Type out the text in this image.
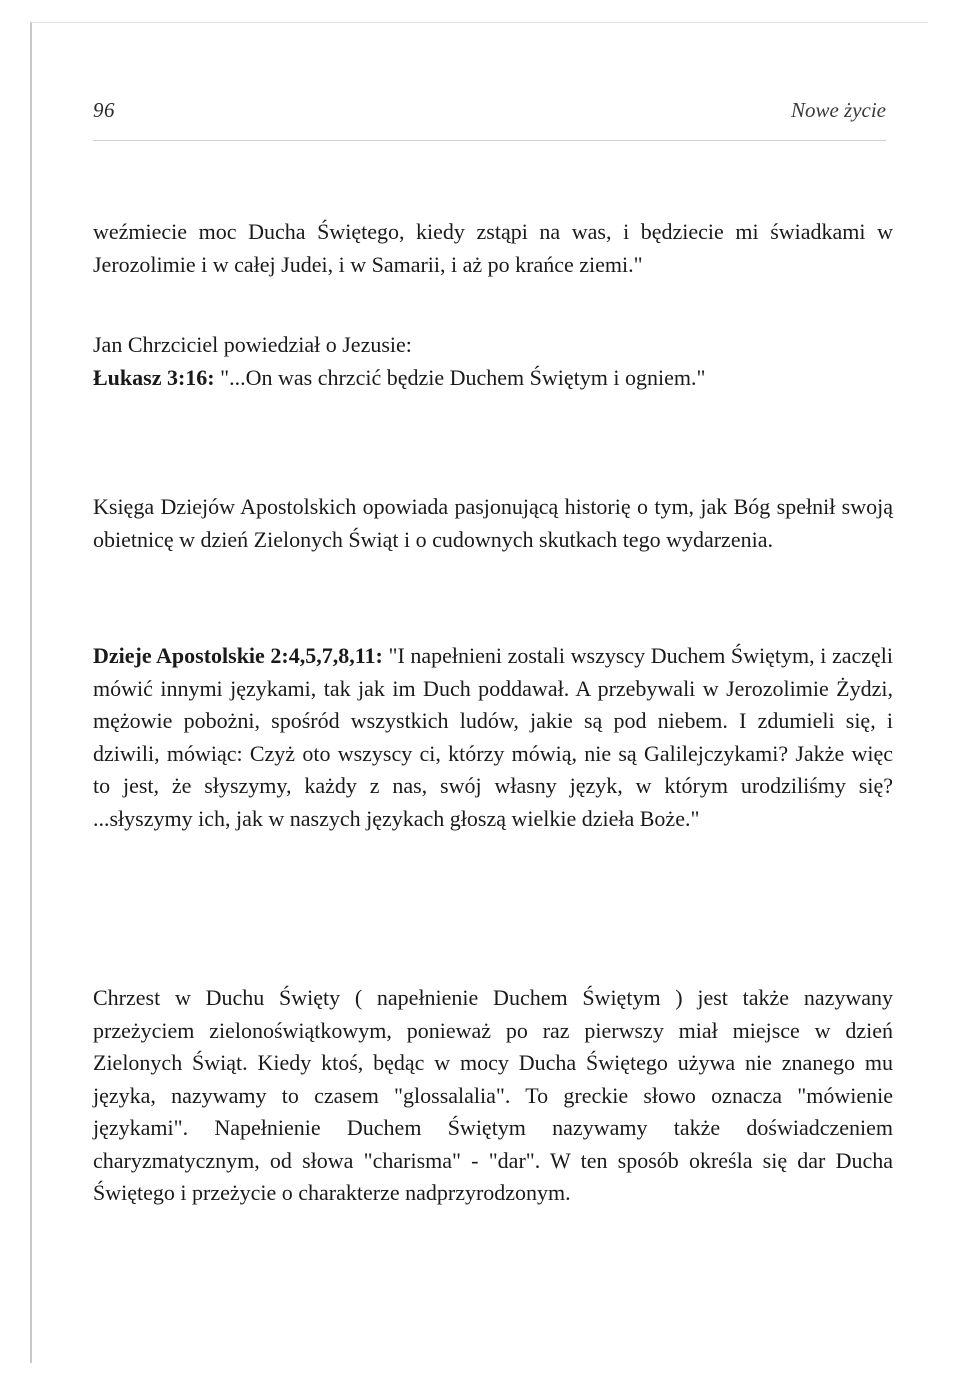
96	Nowe życie

weźmiecie moc Ducha Świętego, kiedy zstąpi na was, i będziecie mi świadkami w Jerozolimie i w całej Judei, i w Samarii, i aż po krańce ziemi."

Jan Chrzciciel powiedział o Jezusie:

Łukasz 3:16: "...On was chrzcić będzie Duchem Świętym i ogniem."

Księga Dziejów Apostolskich opowiada pasjonującą historię o tym, jak Bóg spełnił swoją obietnicę w dzień Zielonych Świąt i o cudownych skutkach tego wydarzenia.

Dzieje Apostolskie 2:4,5,7,8,11: "I napełnieni zostali wszyscy Duchem Świętym, i zaczęli mówić innymi językami, tak jak im Duch poddawał. A przebywali w Jerozolimie Żydzi, mężowie pobożni, spośród wszystkich ludów, jakie są pod niebem. I zdumieli się, i dziwili, mówiąc: Czyż oto wszyscy ci, którzy mówią, nie są Galilejczykami? Jakże więc to jest, że słyszymy, każdy z nas, swój własny język, w którym urodziliśmy się? ...słyszymy ich, jak w naszych językach głoszą wielkie dzieła Boże."

Chrzest w Duchu Święty ( napełnienie Duchem Świętym ) jest także nazywany przeżyciem zielonoświątkowym, ponieważ po raz pierwszy miał miejsce w dzień Zielonych Świąt. Kiedy ktoś, będąc w mocy Ducha Świętego używa nie znanego mu języka, nazywamy to czasem "glossalalia". To greckie słowo oznacza "mówienie językami". Napełnienie Duchem Świętym nazywamy także doświadczeniem charyzmatycznym, od słowa "charisma" - "dar". W ten sposób określa się dar Ducha Świętego i przeżycie o charakterze nadprzyrodzonym.
